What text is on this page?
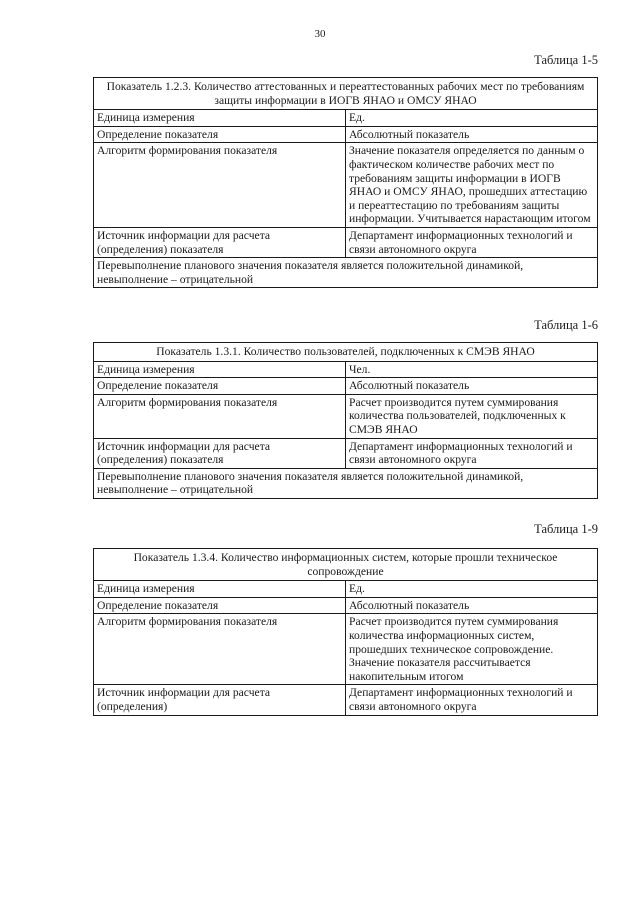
30
Таблица 1-5
Показатель 1.2.3. Количество аттестованных и переаттестованных рабочих мест по требованиям защиты информации в ИОГВ ЯНАО и ОМСУ ЯНАО	
Единица измерения	Ед.
Определение показателя	Абсолютный показатель
Алгоритм формирования показателя	Значение показателя определяется по данным о фактическом количестве рабочих мест по требованиям защиты информации в ИОГВ ЯНАО и ОМСУ ЯНАО, прошедших аттестацию и переаттестацию по требованиям защиты информации. Учитывается нарастающим итогом
Источник информации для расчета (определения) показателя	Департамент информационных технологий и связи автономного округа
Перевыполнение планового значения показателя является положительной динамикой, невыполнение – отрицательной	
Таблица 1-6
Показатель 1.3.1. Количество пользователей, подключенных к СМЭВ ЯНАО	
Единица измерения	Чел.
Определение показателя	Абсолютный показатель
Алгоритм формирования показателя	Расчет производится путем суммирования количества пользователей, подключенных к СМЭВ ЯНАО
Источник информации для расчета (определения) показателя	Департамент информационных технологий и связи автономного округа
Перевыполнение планового значения показателя является положительной динамикой, невыполнение – отрицательной	
Таблица 1-9
Показатель 1.3.4. Количество информационных систем, которые прошли техническое сопровождение	
Единица измерения	Ед.
Определение показателя	Абсолютный показатель
Алгоритм формирования показателя	Расчет производится путем суммирования количества информационных систем, прошедших техническое сопровождение. Значение показателя рассчитывается накопительным итогом
Источник информации для расчета (определения)	Департамент информационных технологий и связи автономного округа
